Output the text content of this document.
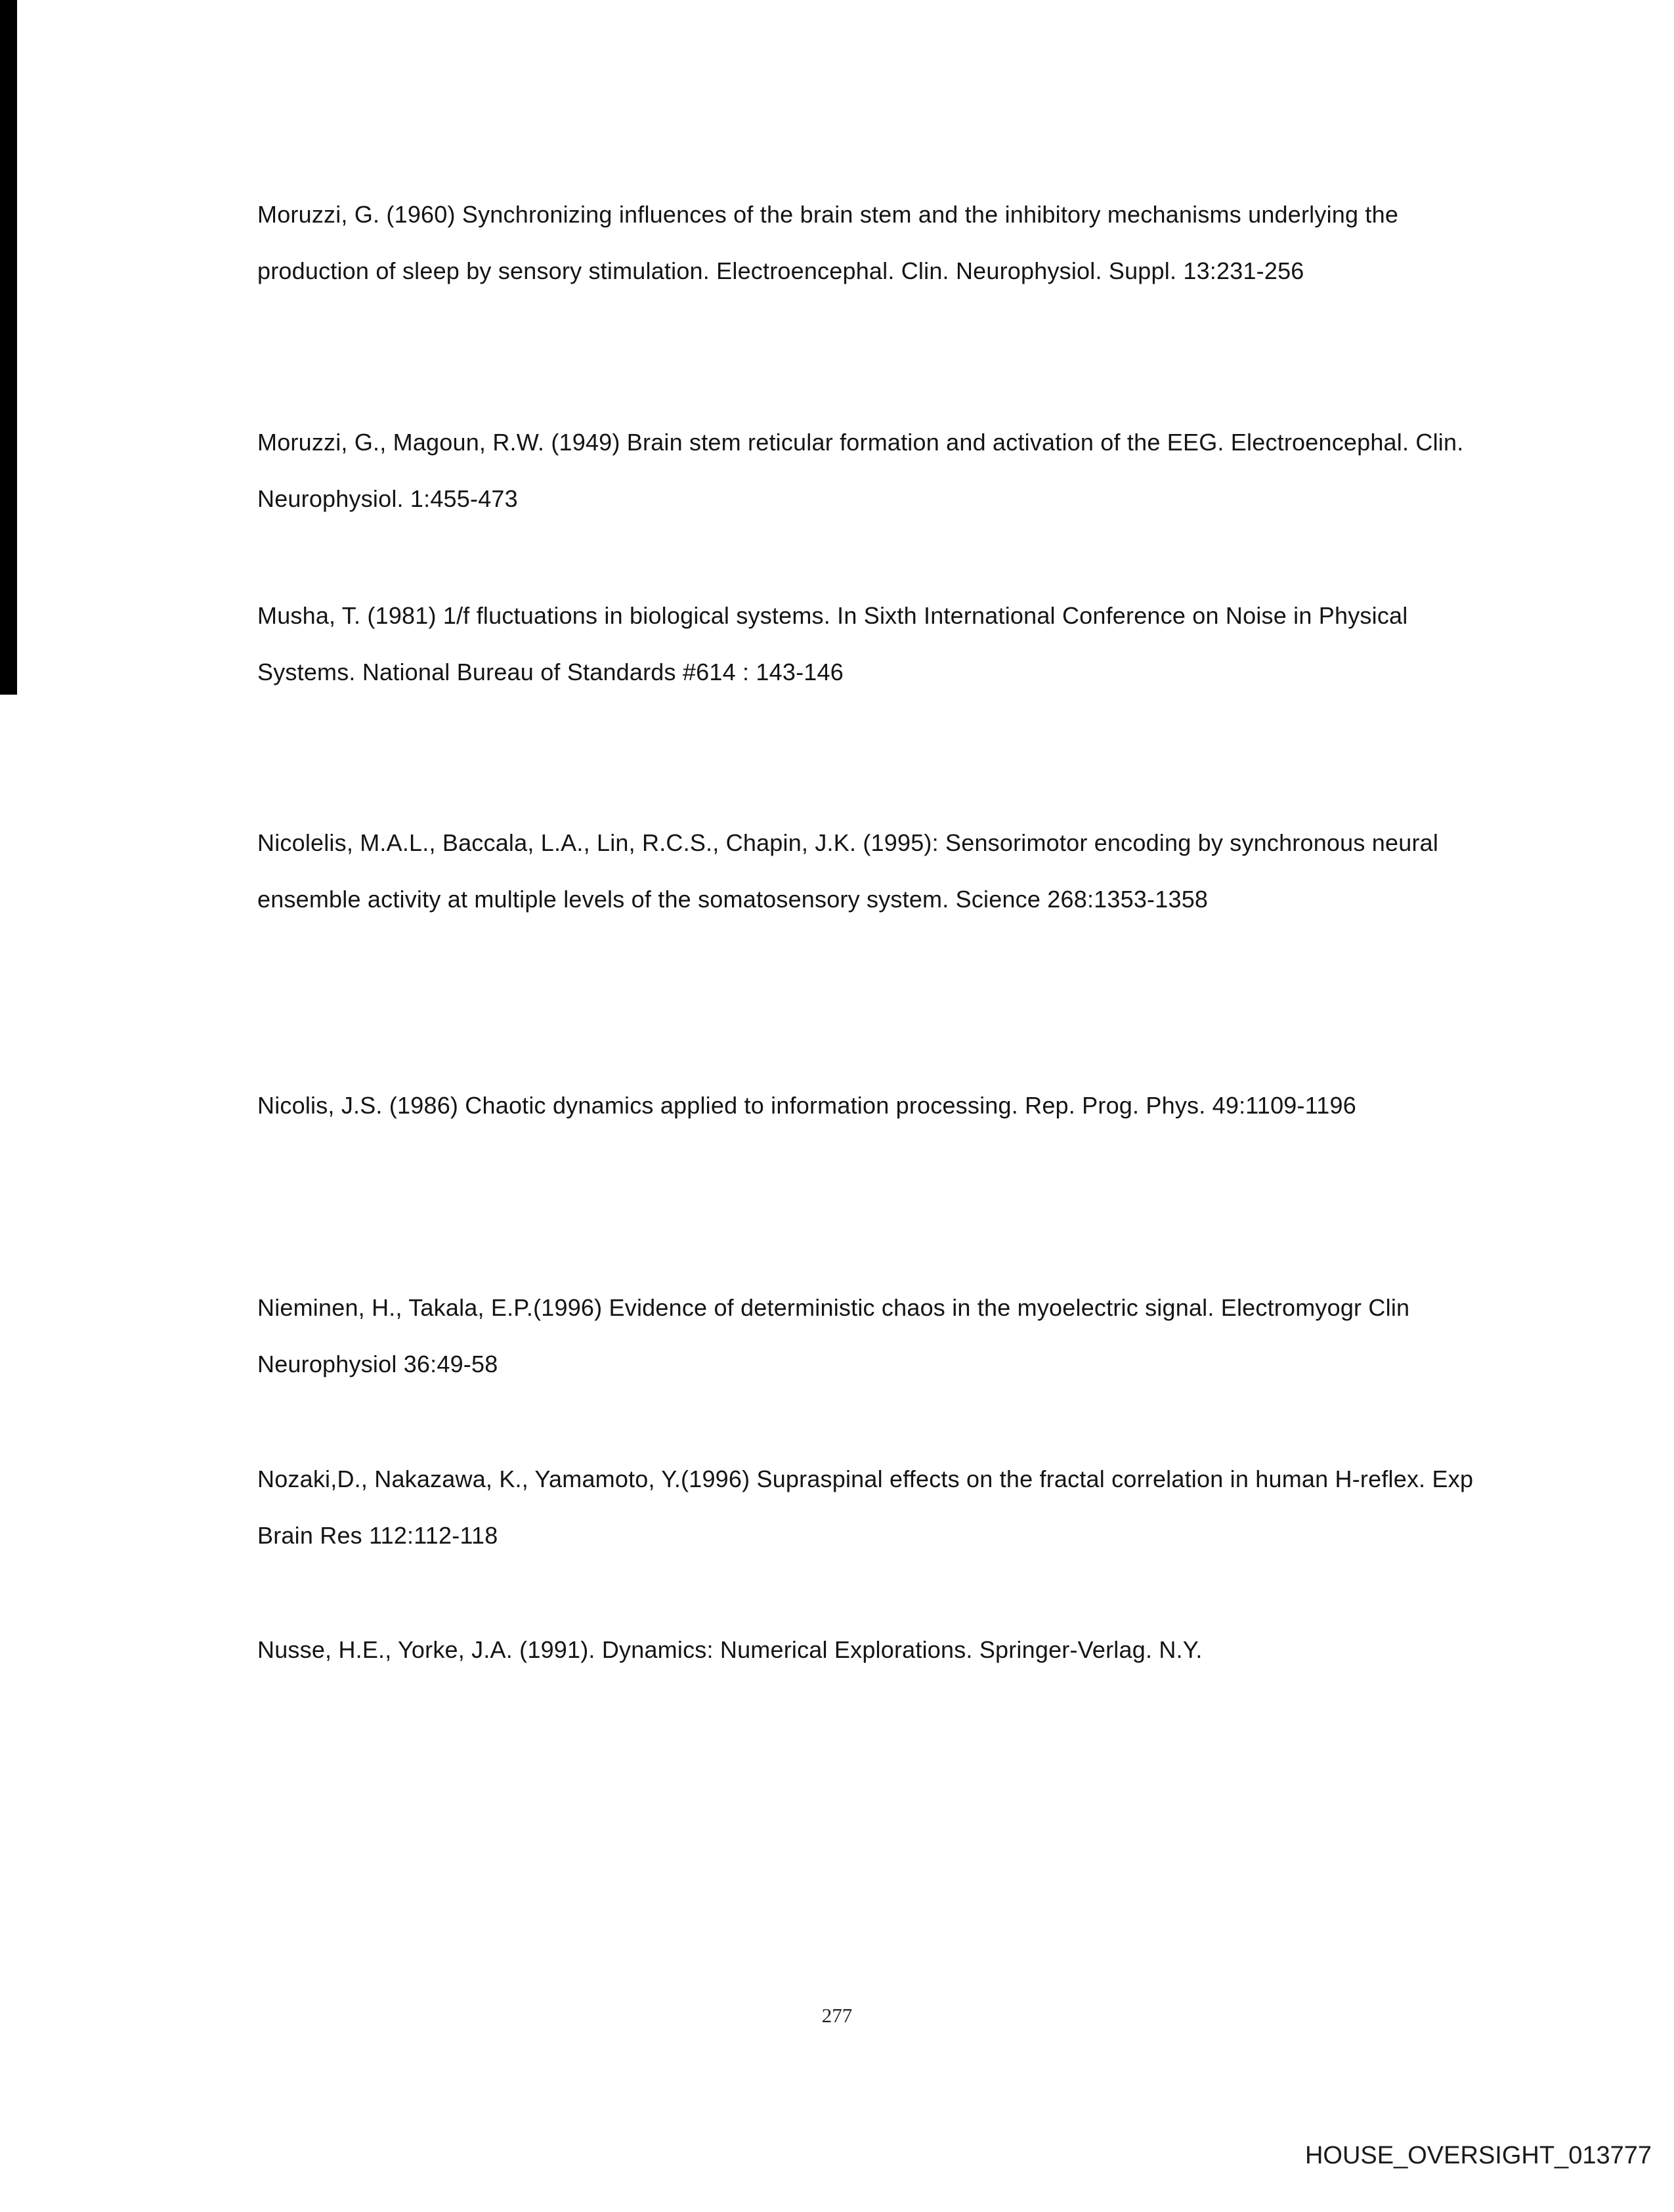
Moruzzi, G. (1960) Synchronizing influences of the brain stem and the inhibitory mechanisms underlying the production of sleep by sensory stimulation. Electroencephal. Clin. Neurophysiol. Suppl. 13:231-256
Moruzzi, G., Magoun, R.W. (1949) Brain stem reticular formation and activation of the EEG. Electroencephal. Clin. Neurophysiol. 1:455-473
Musha, T. (1981) 1/f fluctuations in biological systems. In Sixth International Conference on Noise in Physical Systems. National Bureau of Standards #614 : 143-146
Nicolelis, M.A.L., Baccala, L.A., Lin, R.C.S., Chapin, J.K. (1995): Sensorimotor encoding by synchronous neural ensemble activity at multiple levels of the somatosensory system. Science 268:1353-1358
Nicolis, J.S. (1986) Chaotic dynamics applied to information processing. Rep. Prog. Phys. 49:1109-1196
Nieminen, H., Takala, E.P.(1996) Evidence of deterministic chaos in the myoelectric signal. Electromyogr Clin Neurophysiol 36:49-58
Nozaki,D., Nakazawa, K., Yamamoto, Y.(1996) Supraspinal effects on the fractal correlation in human H-reflex. Exp Brain Res 112:112-118
Nusse, H.E., Yorke, J.A. (1991). Dynamics: Numerical Explorations. Springer-Verlag. N.Y.
277
HOUSE_OVERSIGHT_013777
